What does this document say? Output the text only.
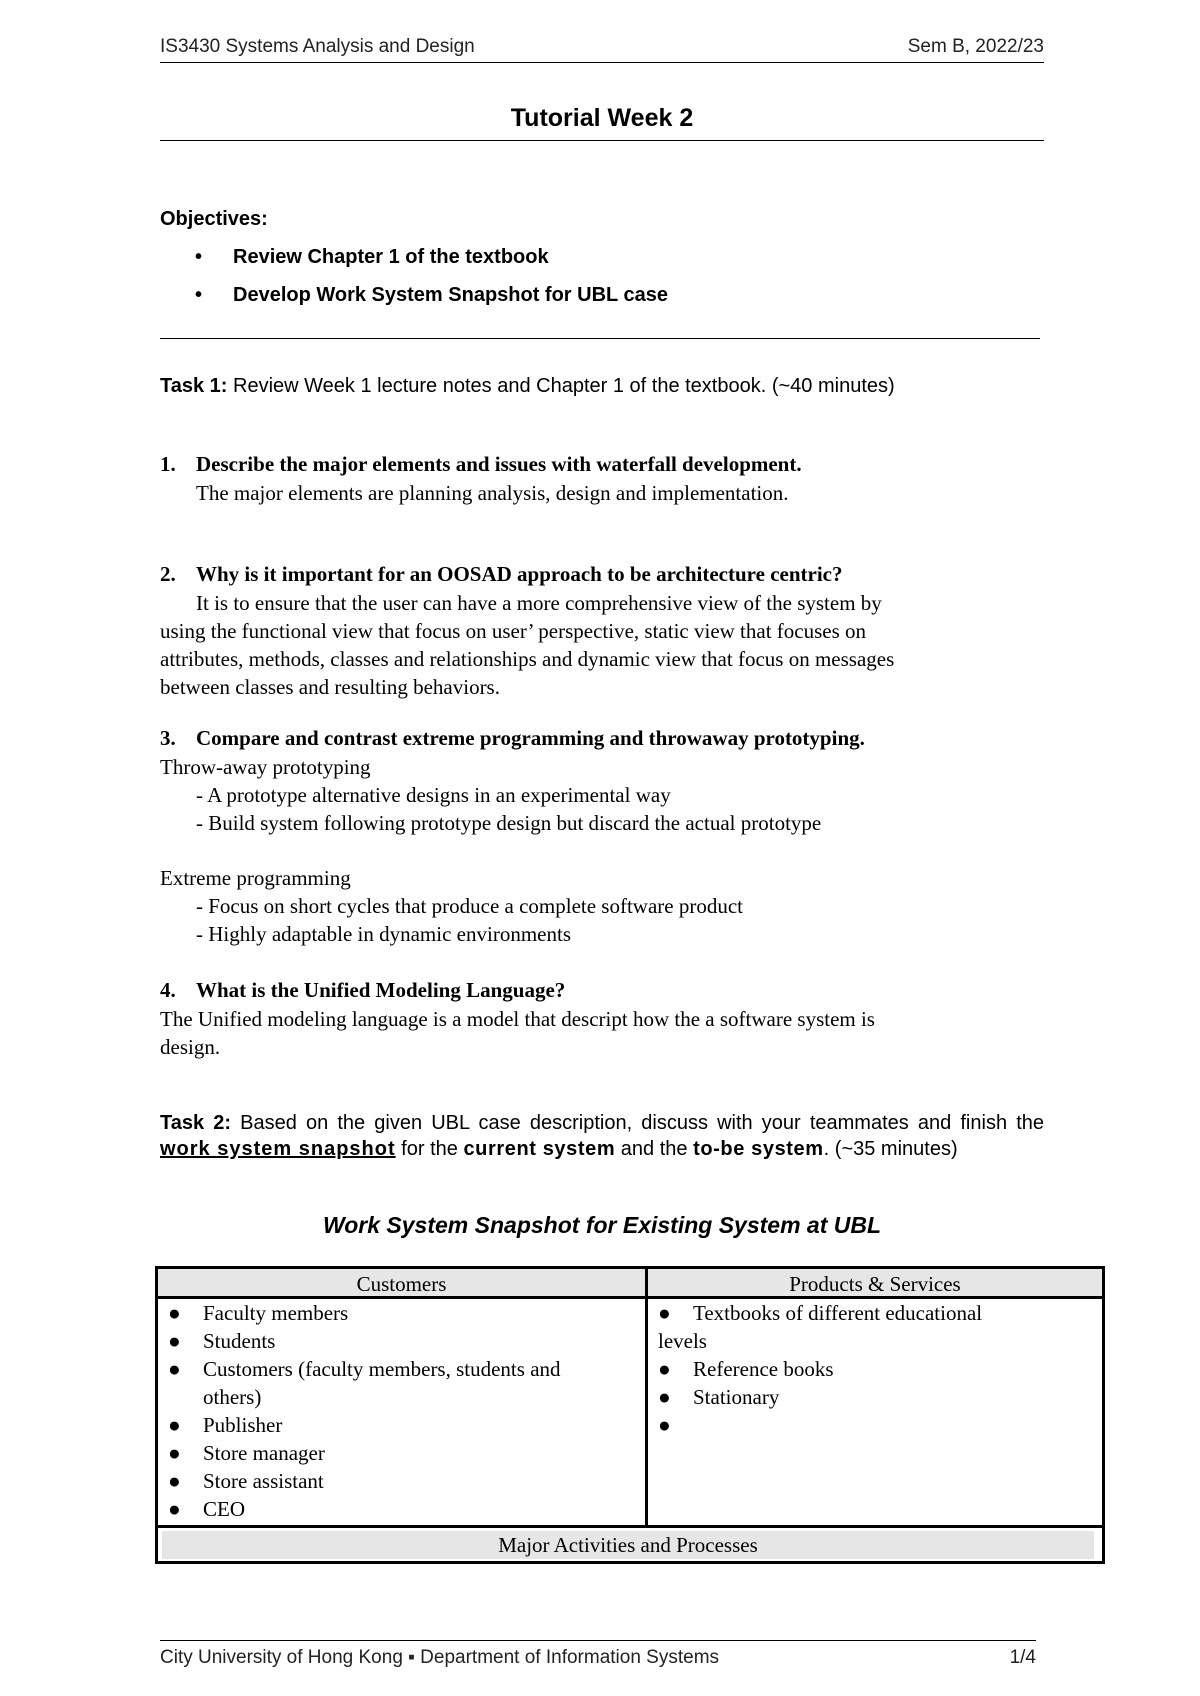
IS3430 Systems Analysis and Design	Sem B, 2022/23
Tutorial Week 2
Objectives:
• Review Chapter 1 of the textbook
• Develop Work System Snapshot for UBL case
Task 1: Review Week 1 lecture notes and Chapter 1 of the textbook. (~40 minutes)
1. Describe the major elements and issues with waterfall development.
The major elements are planning analysis, design and implementation.
2. Why is it important for an OOSAD approach to be architecture centric?
It is to ensure that the user can have a more comprehensive view of the system by
using the functional view that focus on user’ perspective, static view that focuses on
attributes, methods, classes and relationships and dynamic view that focus on messages
between classes and resulting behaviors.
3. Compare and contrast extreme programming and throwaway prototyping.
Throw-away prototyping
- A prototype alternative designs in an experimental way
- Build system following prototype design but discard the actual prototype
Extreme programming
- Focus on short cycles that produce a complete software product
- Highly adaptable in dynamic environments
4. What is the Unified Modeling Language?
The Unified modeling language is a model that descript how the a software system is
design.
Task 2: Based on the given UBL case description, discuss with your teammates and finish the work system snapshot for the current system and the to-be system. (~35 minutes)
Work System Snapshot for Existing System at UBL
Customers
● Faculty members
● Students
● Customers (faculty members, students and
others)
● Publisher
● Store manager
● Store assistant
● CEO
Products & Services
● Textbooks of different educational
levels
● Reference books
● Stationary
●

Major Activities and Processes
City University of Hong Kong ▪ Department of Information Systems	1/4
